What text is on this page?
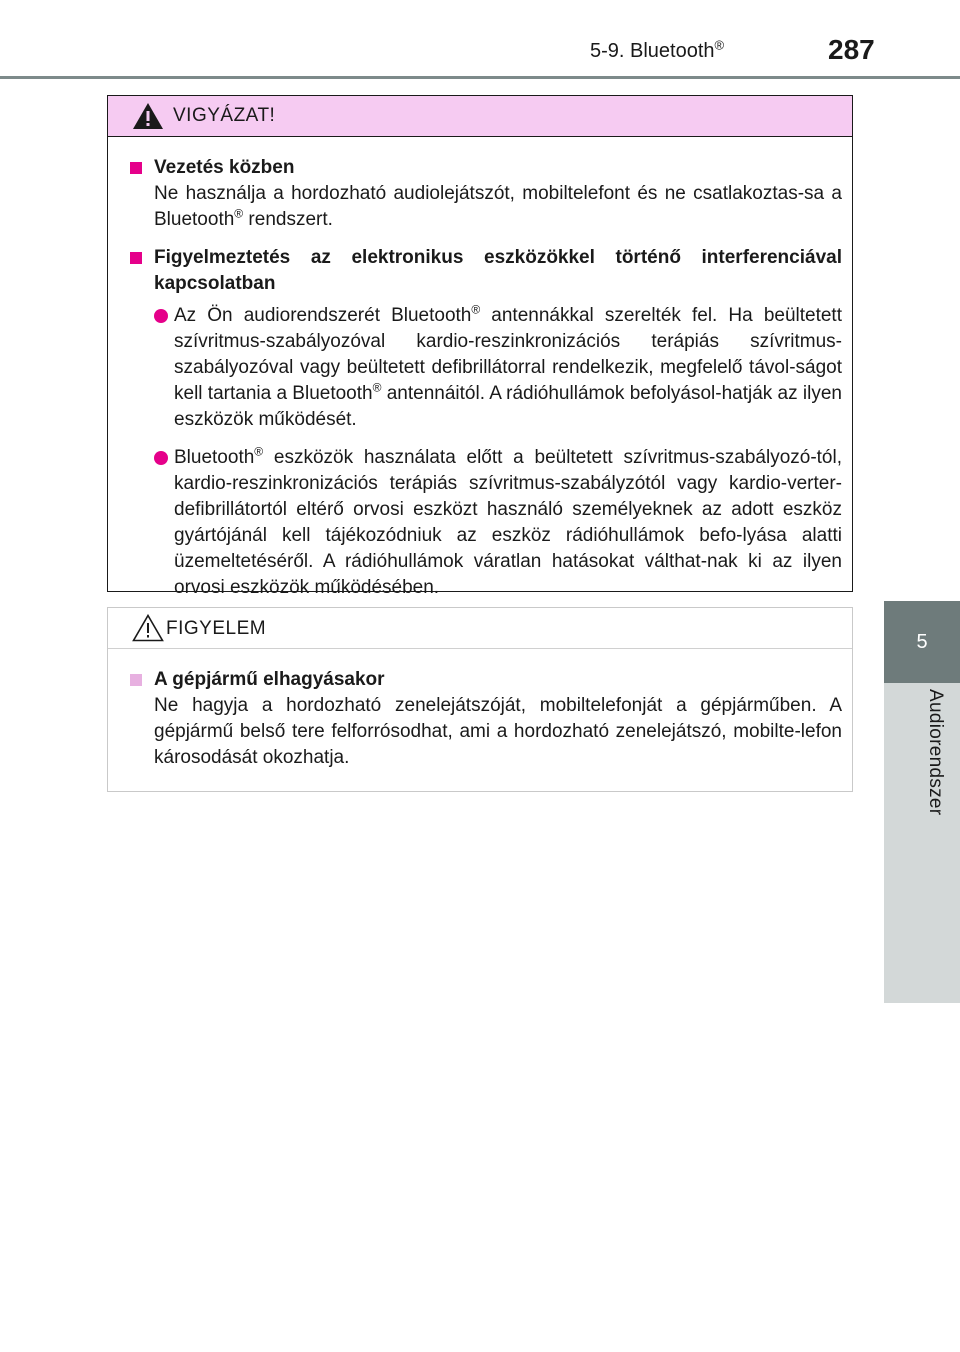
5-9. Bluetooth®	287
5
Audiorendszer
VIGYÁZAT!
Vezetés közben
Ne használja a hordozható audiolejátszót, mobiltelefont és ne csatlakoztas-sa a Bluetooth® rendszert.
Figyelmeztetés az elektronikus eszközökkel történő interferenciával kapcsolatban
Az Ön audiorendszerét Bluetooth® antennákkal szerelték fel. Ha beültetett szívritmus-szabályozóval kardio-reszinkronizációs terápiás szívritmus-szabályozóval vagy beültetett defibrillátorral rendelkezik, megfelelő távol-ságot kell tartania a Bluetooth® antennáitól. A rádióhullámok befolyásol-hatják az ilyen eszközök működését.
Bluetooth® eszközök használata előtt a beültetett szívritmus-szabályozó-tól, kardio-reszinkronizációs terápiás szívritmus-szabályzótól vagy kardio-verter-defibrillátortól eltérő orvosi eszközt használó személyeknek az adott eszköz gyártójánál kell tájékozódniuk az eszköz rádióhullámok befo-lyása alatti üzemeltetéséről. A rádióhullámok váratlan hatásokat válthat-nak ki az ilyen orvosi eszközök működésében.
FIGYELEM
A gépjármű elhagyásakor
Ne hagyja a hordozható zenelejátszóját, mobiltelefonját a gépjárműben. A gépjármű belső tere felforrósodhat, ami a hordozható zenelejátszó, mobilte-lefon károsodását okozhatja.
